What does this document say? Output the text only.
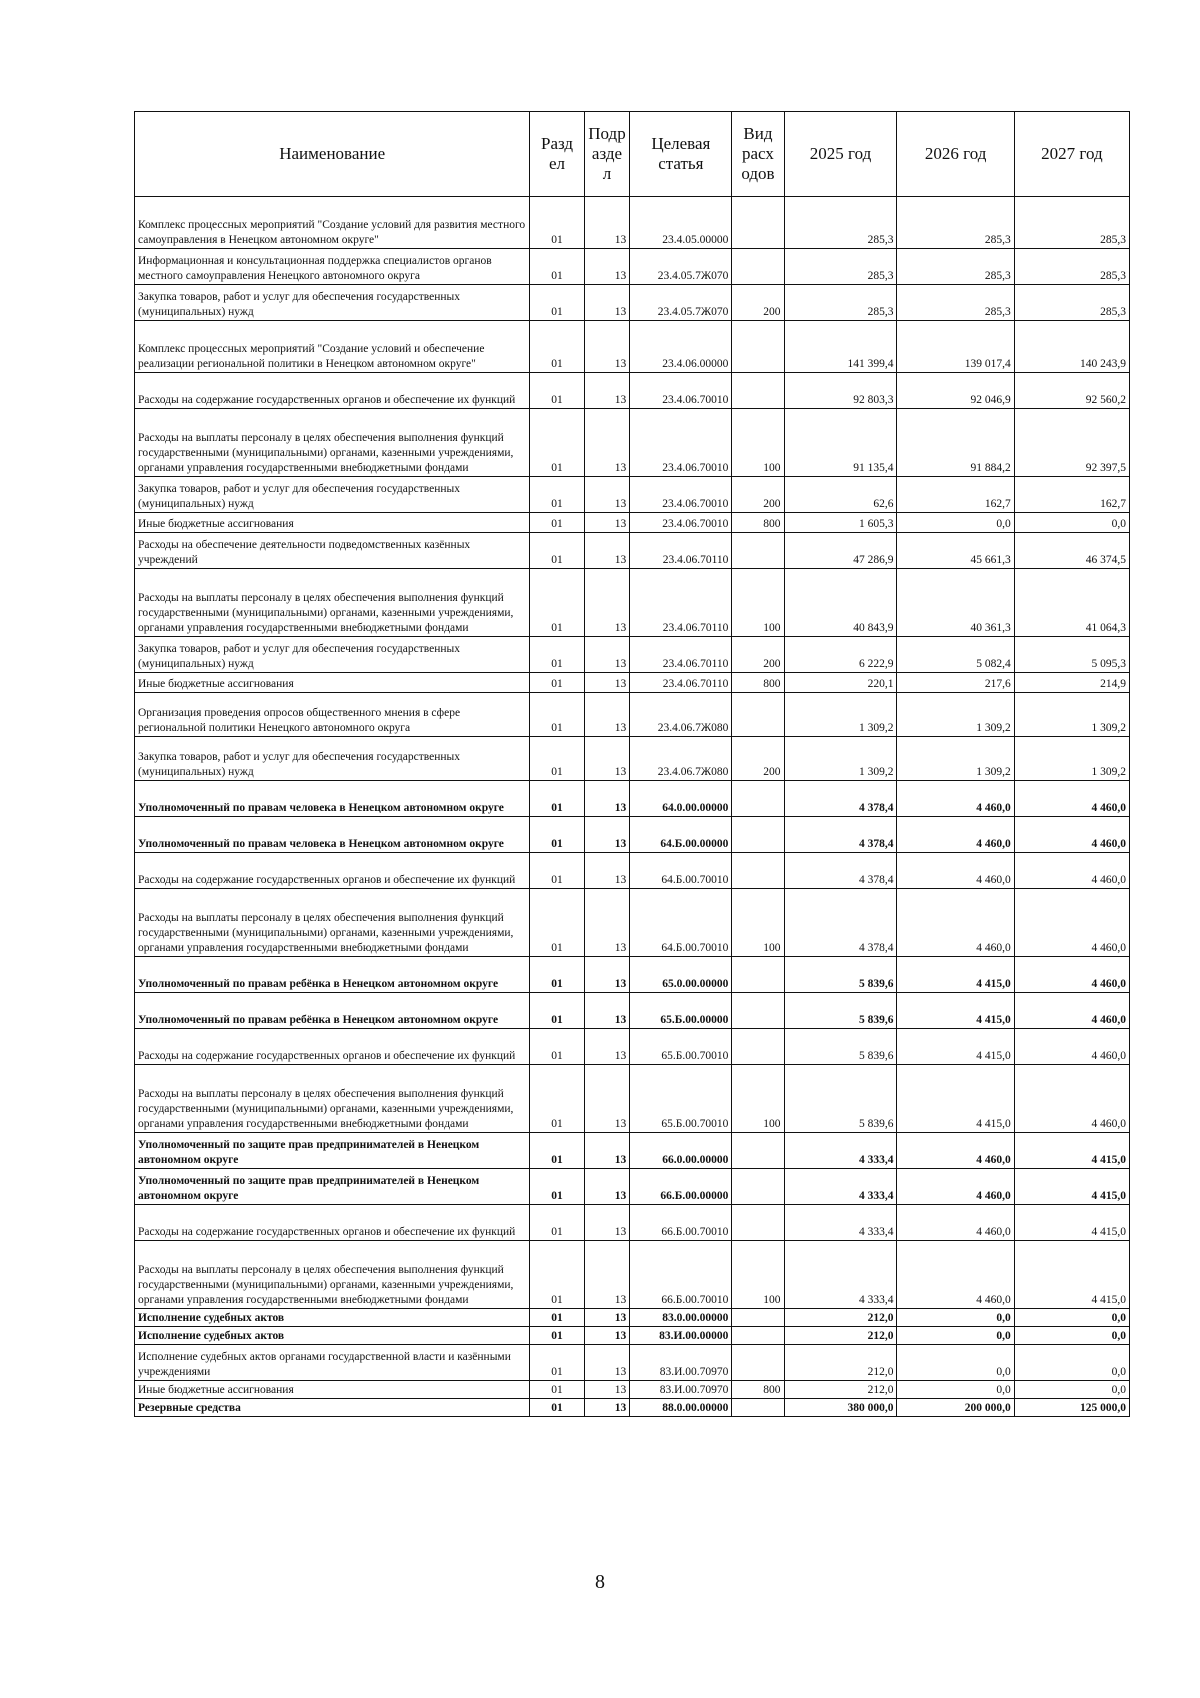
Наименование	Разд ел	Подр азде л	Целевая статья	Вид расх одов	2025 год	2026 год	2027 год
Комплекс процессных мероприятий "Создание условий для развития местного самоуправления в Ненецком автономном округе"	01	13	23.4.05.00000		285,3	285,3	285,3
Информационная и консультационная поддержка специалистов органов местного самоуправления Ненецкого автономного округа	01	13	23.4.05.7Ж070		285,3	285,3	285,3
Закупка товаров, работ и услуг для обеспечения государственных (муниципальных) нужд	01	13	23.4.05.7Ж070	200	285,3	285,3	285,3
Комплекс процессных мероприятий "Создание условий и обеспечение реализации региональной политики в Ненецком автономном округе"	01	13	23.4.06.00000		141 399,4	139 017,4	140 243,9
Расходы на содержание государственных органов и обеспечение их функций	01	13	23.4.06.70010		92 803,3	92 046,9	92 560,2
Расходы на выплаты персоналу в целях обеспечения выполнения функций государственными (муниципальными) органами, казенными учреждениями, органами управления государственными внебюджетными фондами	01	13	23.4.06.70010	100	91 135,4	91 884,2	92 397,5
Закупка товаров, работ и услуг для обеспечения государственных (муниципальных) нужд	01	13	23.4.06.70010	200	62,6	162,7	162,7
Иные бюджетные ассигнования	01	13	23.4.06.70010	800	1 605,3	0,0	0,0
Расходы на обеспечение деятельности подведомственных казённых учреждений	01	13	23.4.06.70110		47 286,9	45 661,3	46 374,5
Расходы на выплаты персоналу в целях обеспечения выполнения функций государственными (муниципальными) органами, казенными учреждениями, органами управления государственными внебюджетными фондами	01	13	23.4.06.70110	100	40 843,9	40 361,3	41 064,3
Закупка товаров, работ и услуг для обеспечения государственных (муниципальных) нужд	01	13	23.4.06.70110	200	6 222,9	5 082,4	5 095,3
Иные бюджетные ассигнования	01	13	23.4.06.70110	800	220,1	217,6	214,9
Организация проведения опросов общественного мнения в сфере региональной политики Ненецкого автономного округа	01	13	23.4.06.7Ж080		1 309,2	1 309,2	1 309,2
Закупка товаров, работ и услуг для обеспечения государственных (муниципальных) нужд	01	13	23.4.06.7Ж080	200	1 309,2	1 309,2	1 309,2
Уполномоченный по правам человека в Ненецком автономном округе	01	13	64.0.00.00000		4 378,4	4 460,0	4 460,0
Уполномоченный по правам человека в Ненецком автономном округе	01	13	64.Б.00.00000		4 378,4	4 460,0	4 460,0
Расходы на содержание государственных органов и обеспечение их функций	01	13	64.Б.00.70010		4 378,4	4 460,0	4 460,0
Расходы на выплаты персоналу в целях обеспечения выполнения функций государственными (муниципальными) органами, казенными учреждениями, органами управления государственными внебюджетными фондами	01	13	64.Б.00.70010	100	4 378,4	4 460,0	4 460,0
Уполномоченный по правам ребёнка в Ненецком автономном округе	01	13	65.0.00.00000		5 839,6	4 415,0	4 460,0
Уполномоченный по правам ребёнка в Ненецком автономном округе	01	13	65.Б.00.00000		5 839,6	4 415,0	4 460,0
Расходы на содержание государственных органов и обеспечение их функций	01	13	65.Б.00.70010		5 839,6	4 415,0	4 460,0
Расходы на выплаты персоналу в целях обеспечения выполнения функций государственными (муниципальными) органами, казенными учреждениями, органами управления государственными внебюджетными фондами	01	13	65.Б.00.70010	100	5 839,6	4 415,0	4 460,0
Уполномоченный по защите прав предпринимателей в Ненецком автономном округе	01	13	66.0.00.00000		4 333,4	4 460,0	4 415,0
Уполномоченный по защите прав предпринимателей в Ненецком автономном округе	01	13	66.Б.00.00000		4 333,4	4 460,0	4 415,0
Расходы на содержание государственных органов и обеспечение их функций	01	13	66.Б.00.70010		4 333,4	4 460,0	4 415,0
Расходы на выплаты персоналу в целях обеспечения выполнения функций государственными (муниципальными) органами, казенными учреждениями, органами управления государственными внебюджетными фондами	01	13	66.Б.00.70010	100	4 333,4	4 460,0	4 415,0
Исполнение судебных актов	01	13	83.0.00.00000		212,0	0,0	0,0
Исполнение судебных актов	01	13	83.И.00.00000		212,0	0,0	0,0
Исполнение судебных актов органами государственной власти и казёнными учреждениями	01	13	83.И.00.70970		212,0	0,0	0,0
Иные бюджетные ассигнования	01	13	83.И.00.70970	800	212,0	0,0	0,0
Резервные средства	01	13	88.0.00.00000		380 000,0	200 000,0	125 000,0
8
